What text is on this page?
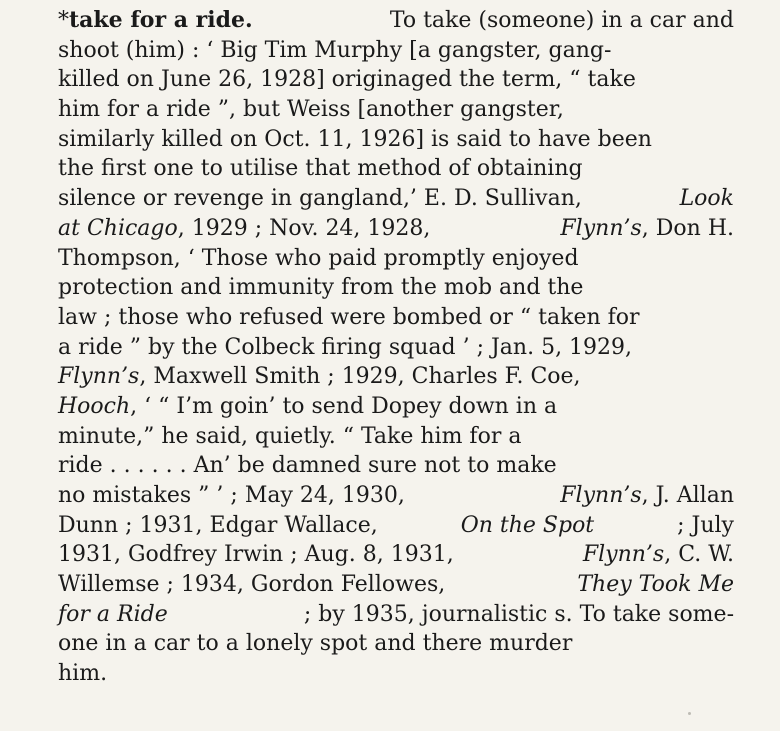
*take for a ride.	To take (someone) in a car and
shoot (him) : ‘ Big Tim Murphy [a gangster, gang-
killed on June 26, 1928] originaged the term, “ take
him for a ride ”, but Weiss [another gangster,
similarly killed on Oct. 11, 1926] is said to have been
the first one to utilise that method of obtaining
silence or revenge in gangland,’ E. D. Sullivan,	Look
at Chicago, 1929 ; Nov. 24, 1928,	Flynn’s, Don H.
Thompson, ‘ Those who paid promptly enjoyed
protection and immunity from the mob and the
law ; those who refused were bombed or “ taken for
a ride ” by the Colbeck firing squad ’ ; Jan. 5, 1929,
Flynn’s, Maxwell Smith ; 1929, Charles F. Coe,
Hooch, ‘ “ I’m goin’ to send Dopey down in a
minute,” he said, quietly. “ Take him for a
ride . . . . . . An’ be damned sure not to make
no mistakes ” ’ ; May 24, 1930,	Flynn’s, J. Allan
Dunn ; 1931, Edgar Wallace,	On the Spot	; July
1931, Godfrey Irwin ; Aug. 8, 1931,	Flynn’s, C. W.
Willemse ; 1934, Gordon Fellowes,	They Took Me
for a Ride	; by 1935, journalistic s. To take some-
one in a car to a lonely spot and there murder
him.
